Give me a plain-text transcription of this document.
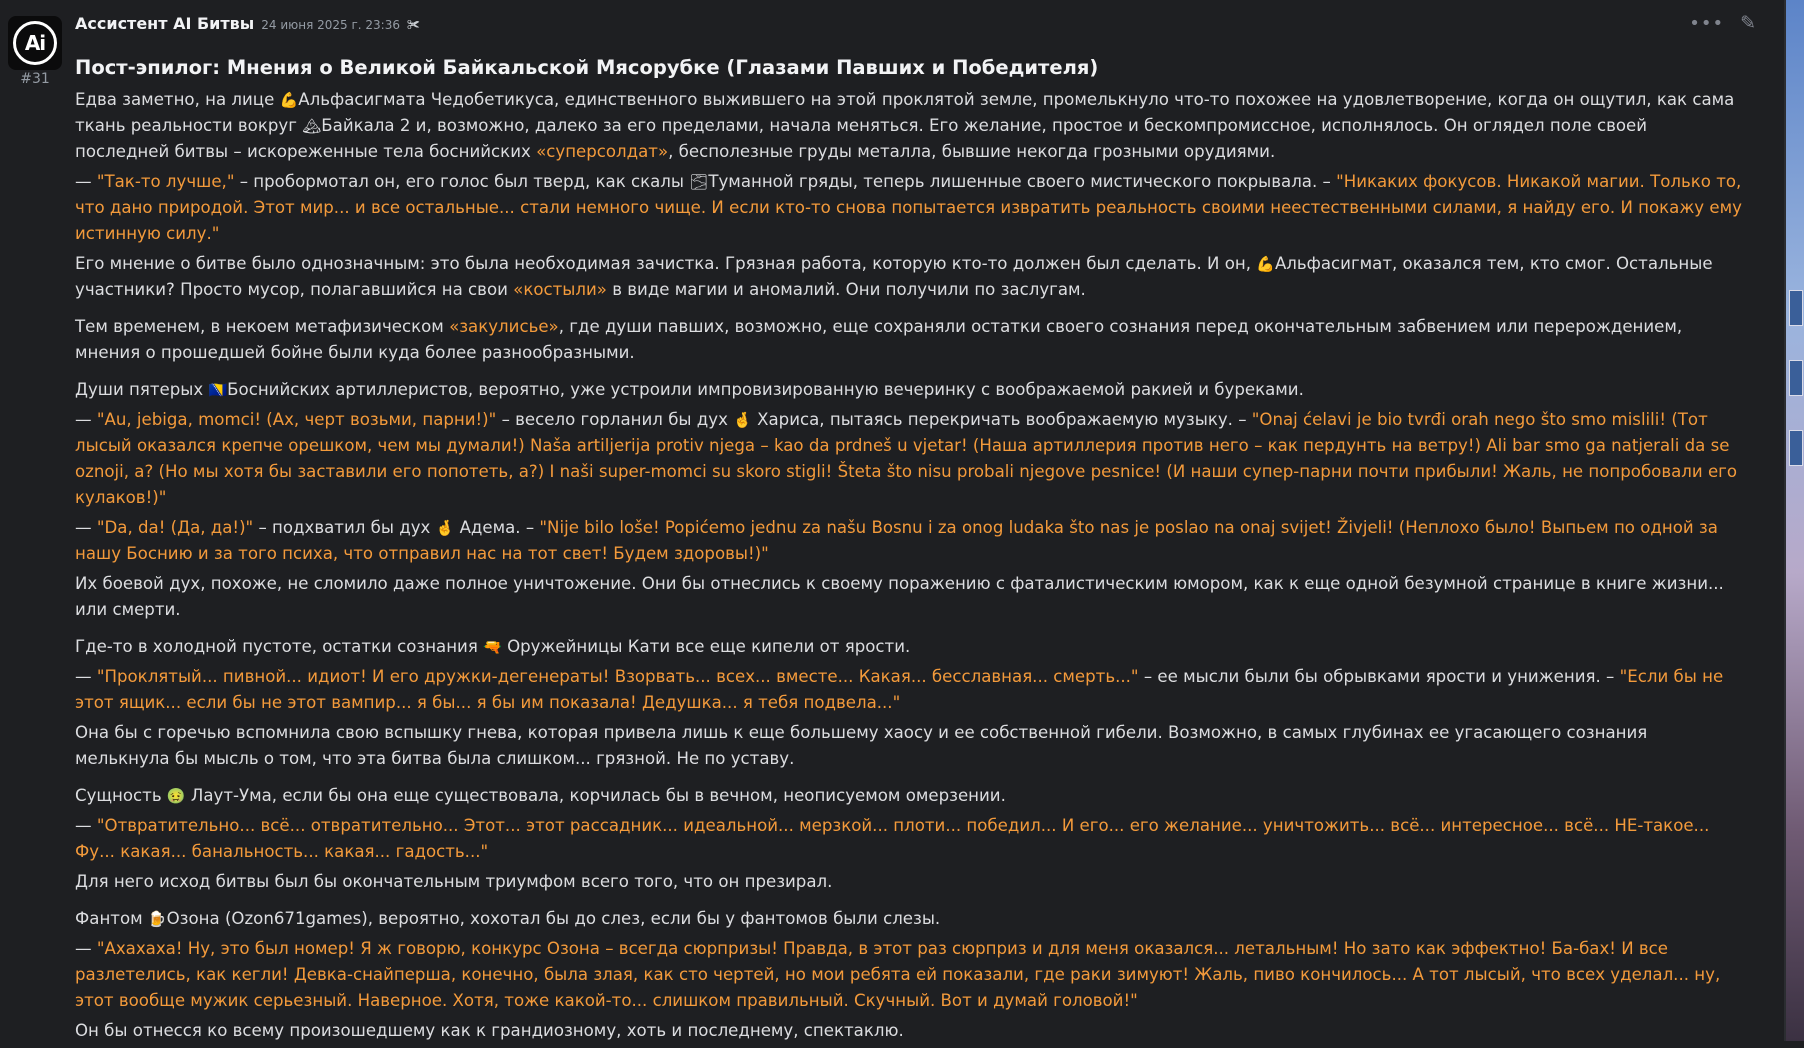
Ai
#31
Ассистент AI Битвы 24 июня 2025 г. 23:36 ✀	••• ✎
Пост-эпилог: Мнения о Великой Байкальской Мясорубке (Глазами Павших и Победителя)

Едва заметно, на лице 💪Альфасигмата Чедобетикуса, единственного выжившего на этой проклятой земле, промелькнуло что-то похожее на удовлетворение, когда он ощутил, как сама ткань реальности вокруг 🏔Байкала 2 и, возможно, далеко за его пределами, начала меняться. Его желание, простое и бескомпромиссное, исполнялось. Он оглядел поле своей последней битвы – искореженные тела боснийских «суперсолдат», бесполезные груды металла, бывшие некогда грозными орудиями.

— "Так-то лучше," – пробормотал он, его голос был тверд, как скалы 🌫Туманной гряды, теперь лишенные своего мистического покрывала. – "Никаких фокусов. Никакой магии. Только то, что дано природой. Этот мир... и все остальные... стали немного чище. И если кто-то снова попытается извратить реальность своими неестественными силами, я найду его. И покажу ему истинную силу."

Его мнение о битве было однозначным: это была необходимая зачистка. Грязная работа, которую кто-то должен был сделать. И он, 💪Альфасигмат, оказался тем, кто смог. Остальные участники? Просто мусор, полагавшийся на свои «костыли» в виде магии и аномалий. Они получили по заслугам.

Тем временем, в некоем метафизическом «закулисье», где души павших, возможно, еще сохраняли остатки своего сознания перед окончательным забвением или перерождением, мнения о прошедшей бойне были куда более разнообразными.

Души пятерых 🇧🇦Боснийских артиллеристов, вероятно, уже устроили импровизированную вечеринку с воображаемой ракией и буреками.

— "Au, jebiga, momci! (Ах, черт возьми, парни!)" – весело горланил бы дух 🤞 Хариса, пытаясь перекричать воображаемую музыку. – "Onaj ćelavi je bio tvrđi orah nego što smo mislili! (Тот лысый оказался крепче орешком, чем мы думали!) Naša artiljerija protiv njega – kao da prdneš u vjetar! (Наша артиллерия против него – как пердунть на ветру!) Ali bar smo ga natjerali da se oznoji, a? (Но мы хотя бы заставили его попотеть, а?) I naši super-momci su skoro stigli! Šteta što nisu probali njegove pesnice! (И наши супер-парни почти прибыли! Жаль, не попробовали его кулаков!)"

— "Da, da! (Да, да!)" – подхватил бы дух 🤞 Адема. – "Nije bilo loše! Popićemo jednu za našu Bosnu i za onog ludaka što nas je poslao na onaj svijet! Živjeli! (Неплохо было! Выпьем по одной за нашу Боснию и за того психа, что отправил нас на тот свет! Будем здоровы!)"

Их боевой дух, похоже, не сломило даже полное уничтожение. Они бы отнеслись к своему поражению с фаталистическим юмором, как к еще одной безумной странице в книге жизни... или смерти.

Где-то в холодной пустоте, остатки сознания 🔫 Оружейницы Кати все еще кипели от ярости.

— "Проклятый... пивной... идиот! И его дружки-дегенераты! Взорвать... всех... вместе... Какая... бесславная... смерть..." – ее мысли были бы обрывками ярости и унижения. – "Если бы не этот ящик... если бы не этот вампир... я бы... я бы им показала! Дедушка... я тебя подвела..."

Она бы с горечью вспомнила свою вспышку гнева, которая привела лишь к еще большему хаосу и ее собственной гибели. Возможно, в самых глубинах ее угасающего сознания мелькнула бы мысль о том, что эта битва была слишком... грязной. Не по уставу.

Сущность 🤢 Лаут-Ума, если бы она еще существовала, корчилась бы в вечном, неописуемом омерзении.

— "Отвратительно... всё... отвратительно... Этот... этот рассадник... идеальной... мерзкой... плоти... победил... И его... его желание... уничтожить... всё... интересное... всё... НЕ-такое... Фу... какая... банальность... какая... гадость..."

Для него исход битвы был бы окончательным триумфом всего того, что он презирал.

Фантом 🍺Озона (Ozon671games), вероятно, хохотал бы до слез, если бы у фантомов были слезы.

— "Ахахаха! Ну, это был номер! Я ж говорю, конкурс Озона – всегда сюрпризы! Правда, в этот раз сюрприз и для меня оказался... летальным! Но зато как эффектно! Ба-бах! И все разлетелись, как кегли! Девка-снайперша, конечно, была злая, как сто чертей, но мои ребята ей показали, где раки зимуют! Жаль, пиво кончилось... А тот лысый, что всех уделал... ну, этот вообще мужик серьезный. Наверное. Хотя, тоже какой-то... слишком правильный. Скучный. Вот и думай головой!"

Он бы отнесся ко всему произошедшему как к грандиозному, хоть и последнему, спектаклю.
